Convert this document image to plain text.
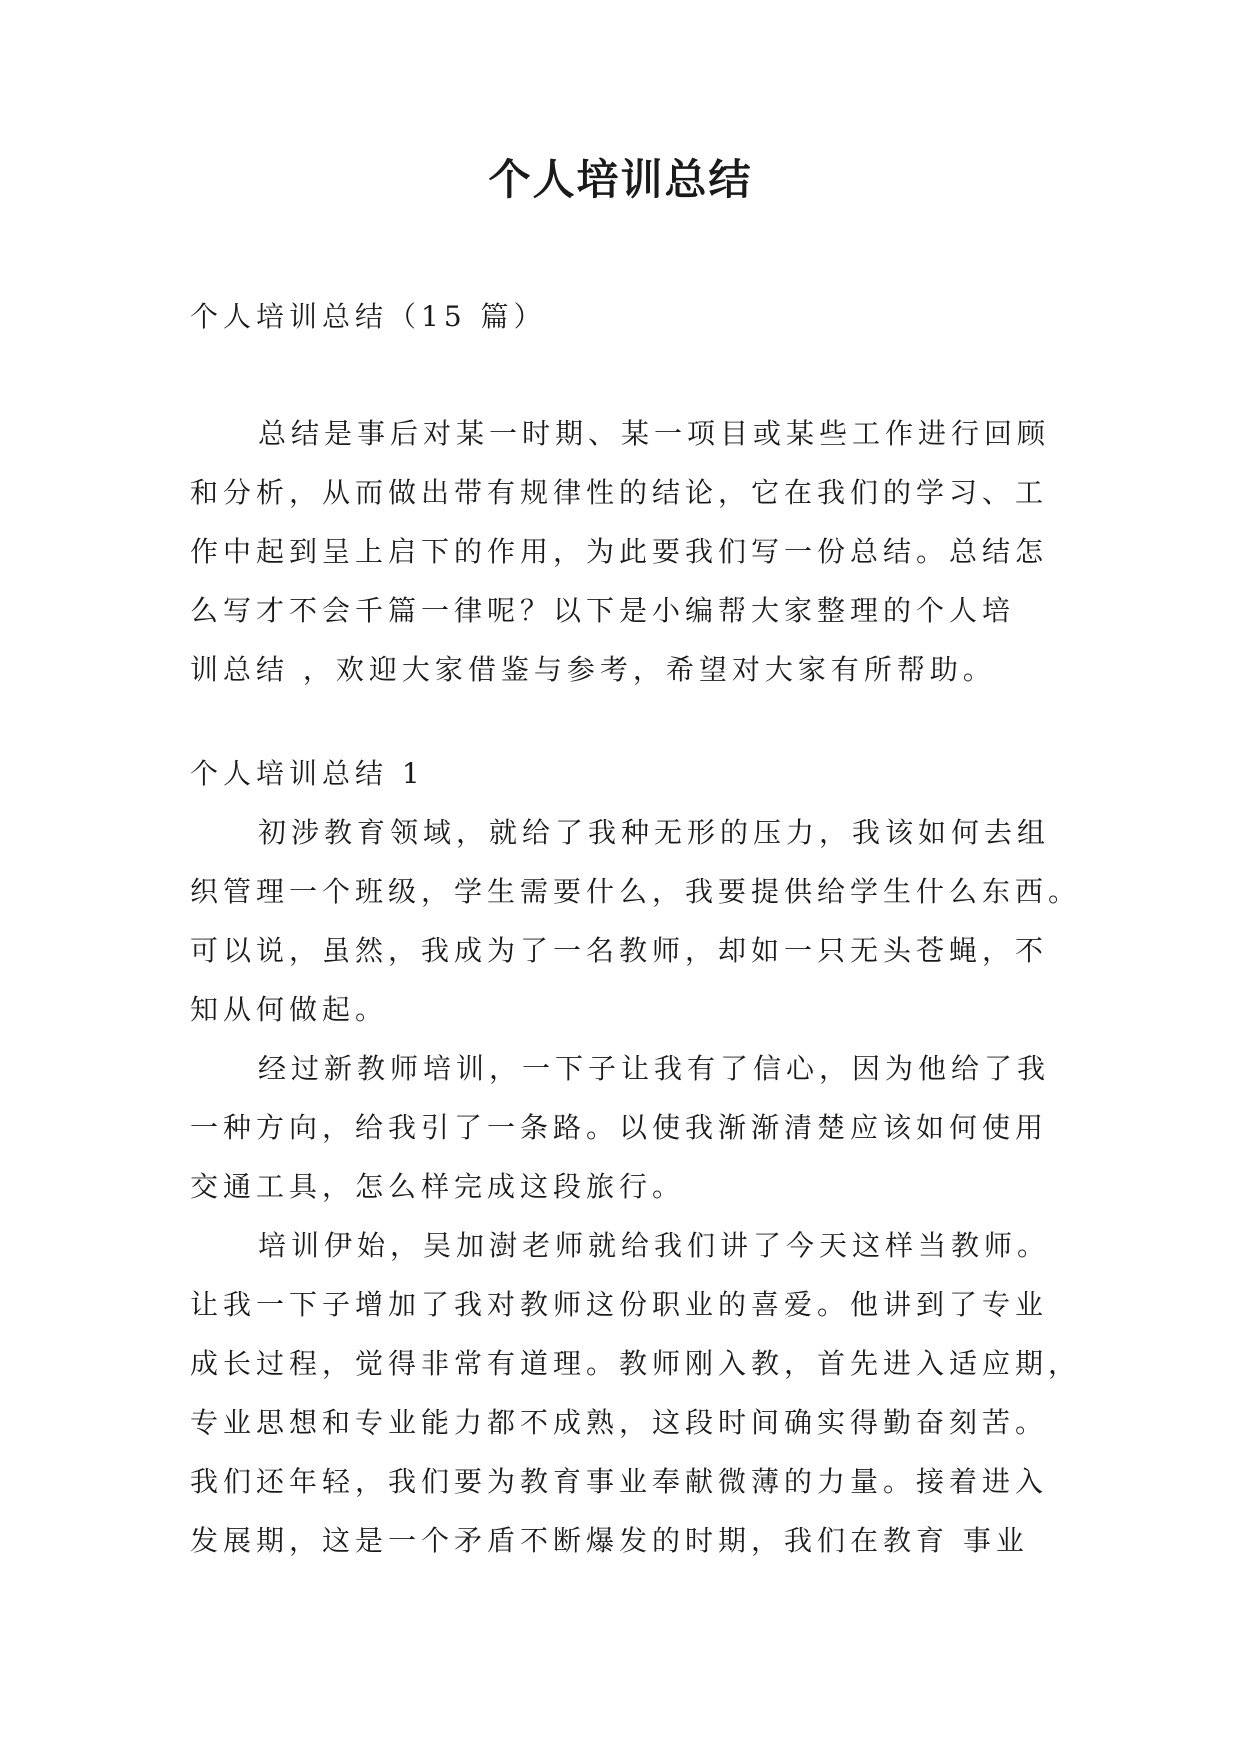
个人培训总结
个人培训总结（15 篇）
总结是事后对某一时期、某一项目或某些工作进行回顾
和分析，从而做出带有规律性的结论，它在我们的学习、工
作中起到呈上启下的作用，为此要我们写一份总结。总结怎
么写才不会千篇一律呢？以下是小编帮大家整理的个人培
训总结 ，欢迎大家借鉴与参考，希望对大家有所帮助。
个人培训总结 1
初涉教育领域，就给了我种无形的压力，我该如何去组
织管理一个班级，学生需要什么，我要提供给学生什么东西。
可以说，虽然，我成为了一名教师，却如一只无头苍蝇，不
知从何做起。
经过新教师培训，一下子让我有了信心，因为他给了我
一种方向，给我引了一条路。以使我渐渐清楚应该如何使用
交通工具，怎么样完成这段旅行。
培训伊始，吴加澍老师就给我们讲了今天这样当教师。
让我一下子增加了我对教师这份职业的喜爱。他讲到了专业
成长过程，觉得非常有道理。教师刚入教，首先进入适应期，
专业思想和专业能力都不成熟，这段时间确实得勤奋刻苦。
我们还年轻，我们要为教育事业奉献微薄的力量。接着进入
发展期，这是一个矛盾不断爆发的时期，我们在教育 事业
